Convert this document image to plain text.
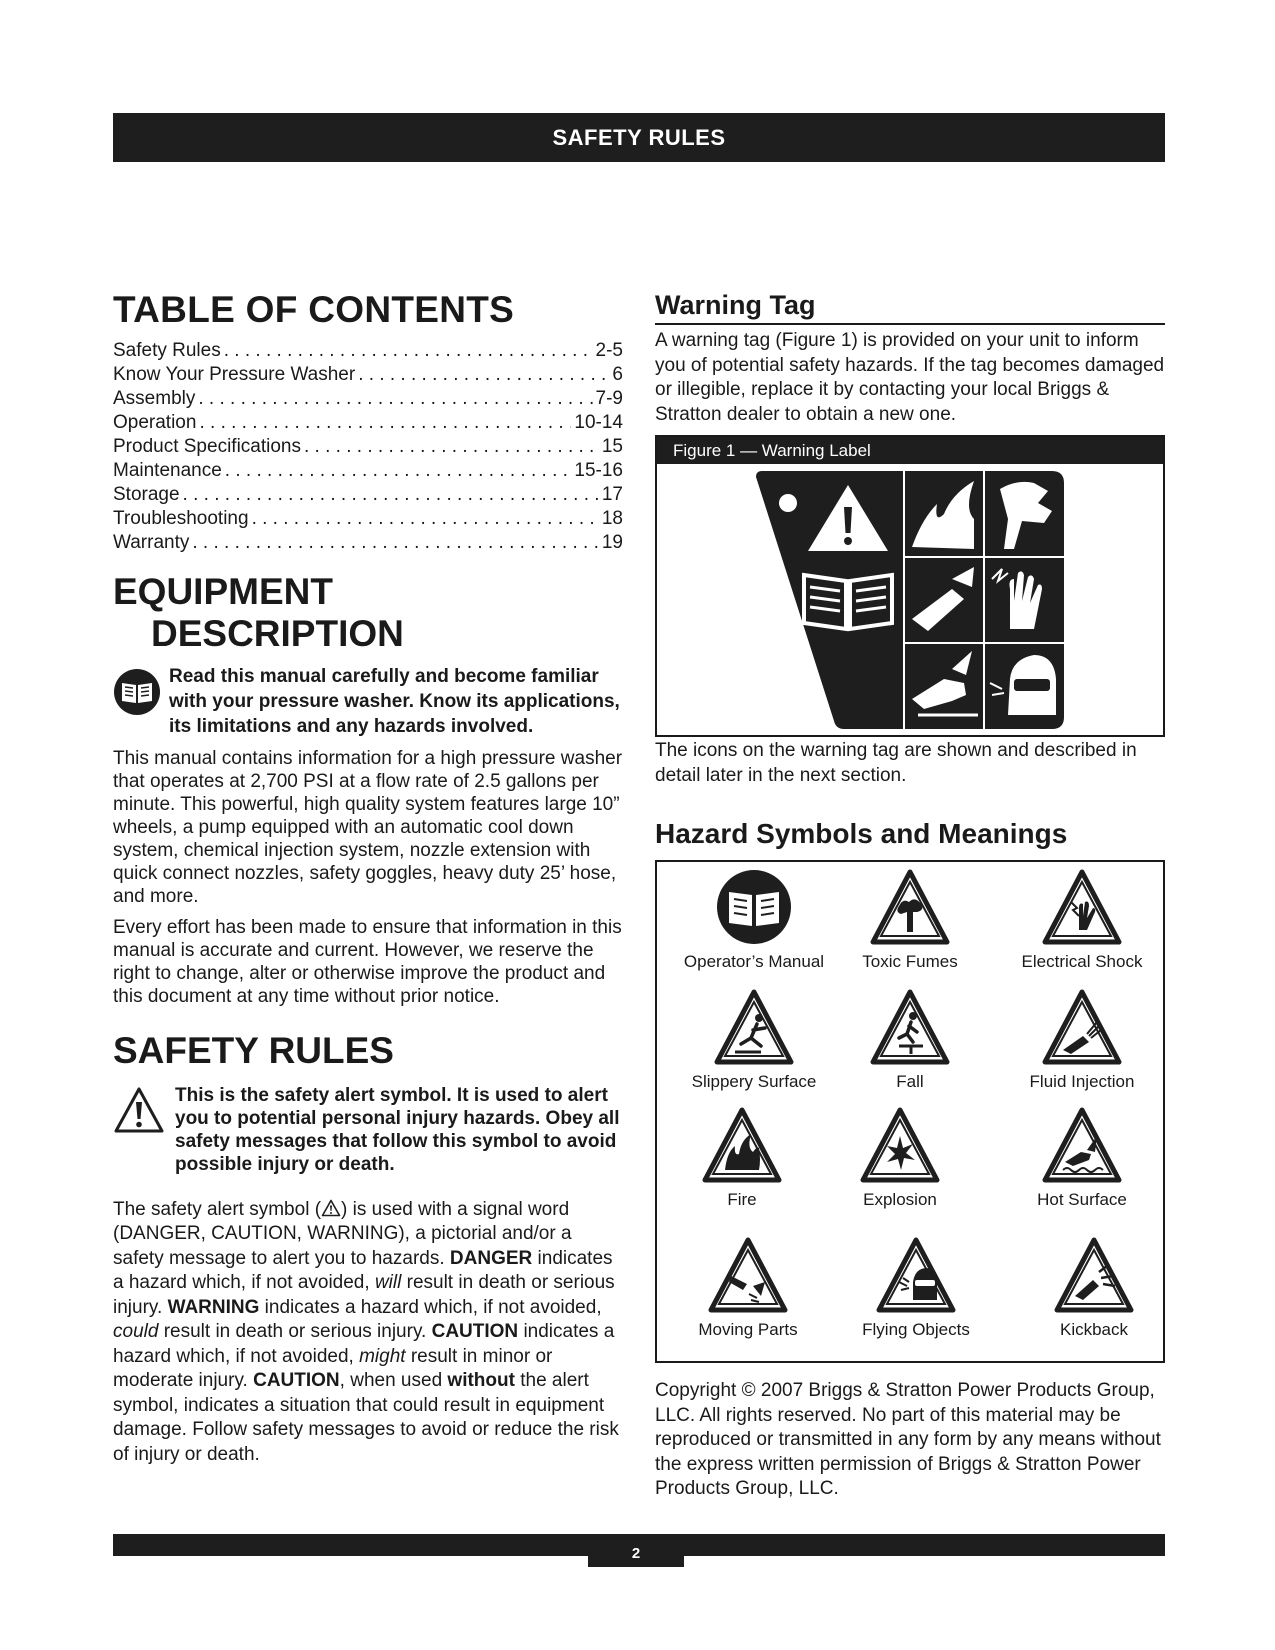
SAFETY RULES
TABLE OF CONTENTS
Safety Rules . . .	2-5
Know Your Pressure Washer . . .	6
Assembly . . .	7-9
Operation . . .	10-14
Product Specifications . . .	15
Maintenance . . .	15-16
Storage . . .	17
Troubleshooting . . .	18
Warranty . . .	19
EQUIPMENT
DESCRIPTION
Read this manual carefully and become familiar with your pressure washer. Know its applications, its limitations and any hazards involved.

This manual contains information for a high pressure washer that operates at 2,700 PSI at a flow rate of 2.5 gallons per minute. This powerful, high quality system features large 10” wheels, a pump equipped with an automatic cool down system, chemical injection system, nozzle extension with quick connect nozzles, safety goggles, heavy duty 25’ hose, and more.

Every effort has been made to ensure that information in this manual is accurate and current. However, we reserve the right to change, alter or otherwise improve the product and this document at any time without prior notice.

SAFETY RULES
This is the safety alert symbol. It is used to alert you to potential personal injury hazards. Obey all safety messages that follow this symbol to avoid possible injury or death.

The safety alert symbol ( ) is used with a signal word (DANGER, CAUTION, WARNING), a pictorial and/or a safety message to alert you to hazards. DANGER indicates a hazard which, if not avoided, will result in death or serious injury. WARNING indicates a hazard which, if not avoided, could result in death or serious injury. CAUTION indicates a hazard which, if not avoided, might result in minor or moderate injury. CAUTION, when used without the alert symbol, indicates a situation that could result in equipment damage. Follow safety messages to avoid or reduce the risk of injury or death.

Warning Tag

A warning tag (Figure 1) is provided on your unit to inform you of potential safety hazards. If the tag becomes damaged or illegible, replace it by contacting your local Briggs & Stratton dealer to obtain a new one.

Figure 1 — Warning Label

The icons on the warning tag are shown and described in detail later in the next section.

Hazard Symbols and Meanings
Operator’s Manual	Toxic Fumes	Electrical Shock
Slippery Surface	Fall	Fluid Injection
Fire	Explosion	Hot Surface
Moving Parts	Flying Objects	Kickback

Copyright © 2007 Briggs & Stratton Power Products Group, LLC. All rights reserved. No part of this material may be reproduced or transmitted in any form by any means without the express written permission of Briggs & Stratton Power Products Group, LLC.

2
